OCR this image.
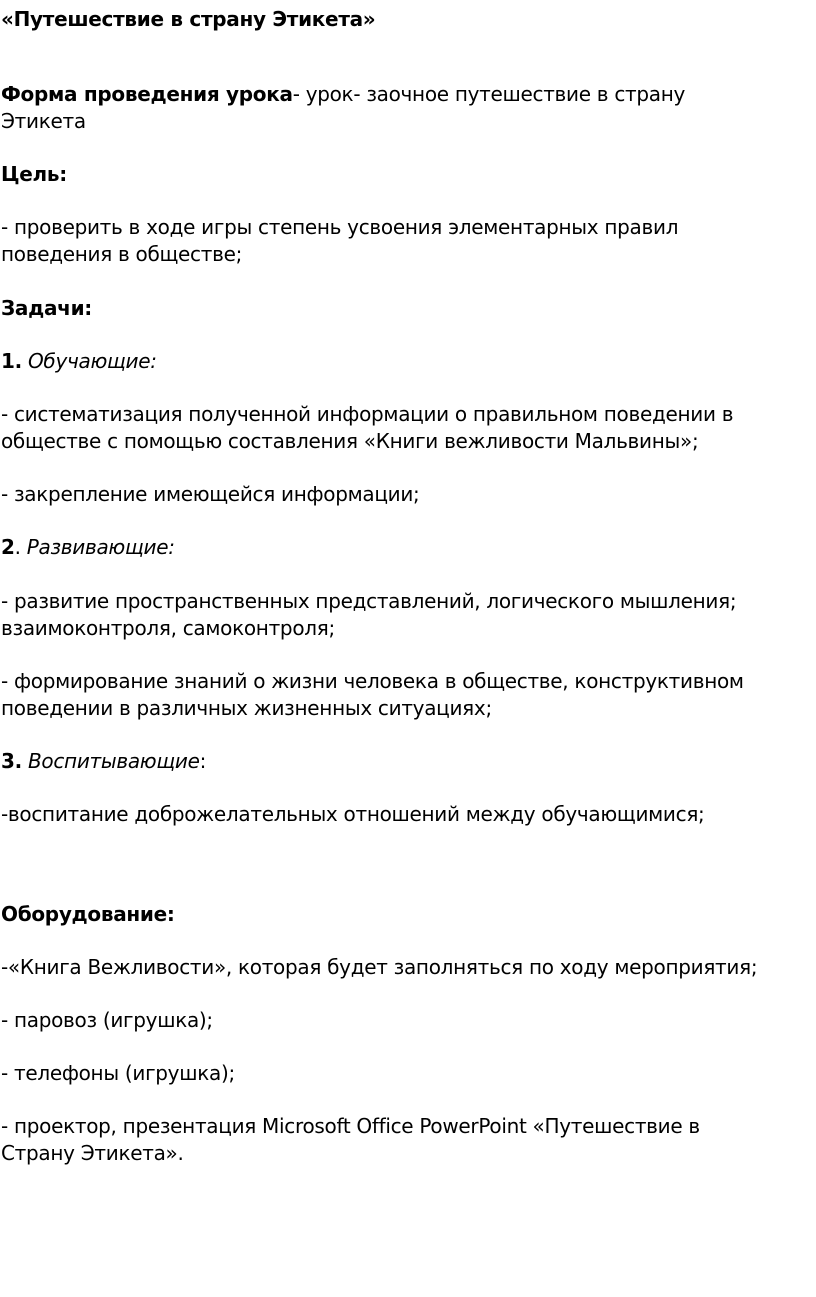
«Путешествие в страну Этикета»
Форма проведения урока- урок- заочное путешествие в страну
Этикета
Цель:
- проверить в ходе игры степень усвоения элементарных правил
поведения в обществе;
Задачи:
1. Обучающие:
- систематизация полученной информации о правильном поведении в
обществе с помощью составления «Книги вежливости Мальвины»;
- закрепление имеющейся информации;
2. Развивающие:
- развитие пространственных представлений, логического мышления;
взаимоконтроля, самоконтроля;
- формирование знаний о жизни человека в обществе, конструктивном
поведении в различных жизненных ситуациях;
3. Воспитывающие:
-воспитание доброжелательных отношений между обучающимися;
Оборудование:
-«Книга Вежливости», которая будет заполняться по ходу мероприятия;
- паровоз (игрушка);
- телефоны (игрушка);
- проектор, презентация Microsoft Office PowerPoint «Путешествие в
Страну Этикета».
